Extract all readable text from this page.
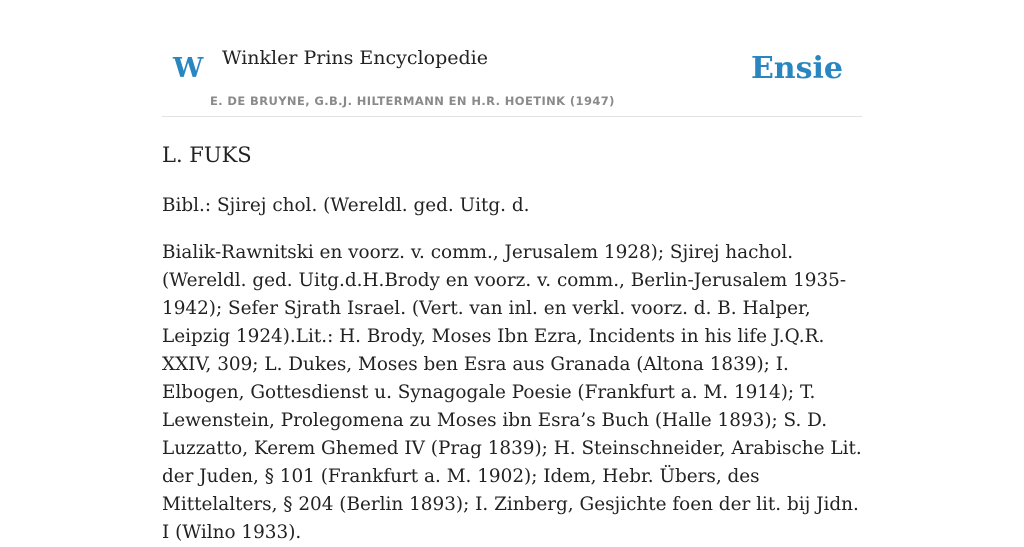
W Winkler Prins Encyclopedie
E. DE BRUYNE, G.B.J. HILTERMANN EN H.R. HOETINK (1947)
Ensie
L. FUKS

Bibl.: Sjirej chol. (Wereldl. ged. Uitg. d.

Bialik-Rawnitski en voorz. v. comm., Jerusalem 1928); Sjirej hachol. (Wereldl. ged. Uitg.d.H.Brody en voorz. v. comm., Berlin-Jerusalem 1935-1942); Sefer Sjrath Israel. (Vert. van inl. en verkl. voorz. d. B. Halper, Leipzig 1924).Lit.: H. Brody, Moses Ibn Ezra, Incidents in his life J.Q.R. XXIV, 309; L. Dukes, Moses ben Esra aus Granada (Altona 1839); I. Elbogen, Gottesdienst u. Synagogale Poesie (Frankfurt a. M. 1914); T. Lewenstein, Prolegomena zu Moses ibn Esra’s Buch (Halle 1893); S. D. Luzzatto, Kerem Ghemed IV (Prag 1839); H. Steinschneider, Arabische Lit. der Juden, § 101 (Frankfurt a. M. 1902); Idem, Hebr. Übers, des Mittelalters, § 204 (Berlin 1893); I. Zinberg, Gesjichte foen der lit. bij Jidn. I (Wilno 1933).
